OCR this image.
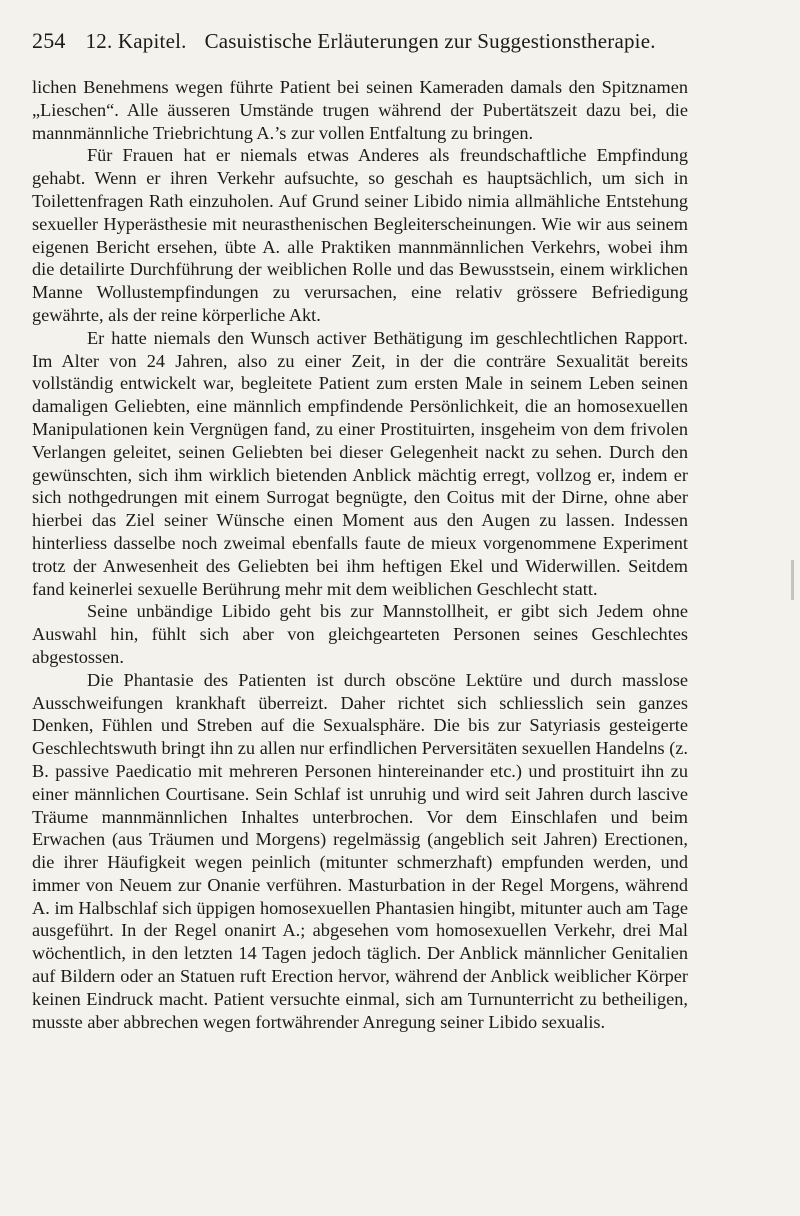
254 12. Kapitel. Casuistische Erläuterungen zur Suggestionstherapie.

lichen Benehmens wegen führte Patient bei seinen Kameraden damals den Spitznamen „Lieschen“. Alle äusseren Umstände trugen während der Pubertätszeit dazu bei, die mannmännliche Triebrichtung A.’s zur vollen Entfaltung zu bringen.

Für Frauen hat er niemals etwas Anderes als freundschaftliche Empfindung gehabt. Wenn er ihren Verkehr aufsuchte, so geschah es hauptsächlich, um sich in Toilettenfragen Rath einzuholen. Auf Grund seiner Libido nimia allmähliche Entstehung sexueller Hyperästhesie mit neurasthenischen Begleiterscheinungen. Wie wir aus seinem eigenen Bericht ersehen, übte A. alle Praktiken mannmännlichen Verkehrs, wobei ihm die detailirte Durchführung der weiblichen Rolle und das Bewusstsein, einem wirklichen Manne Wollustempfindungen zu verursachen, eine relativ grössere Befriedigung gewährte, als der reine körperliche Akt.

Er hatte niemals den Wunsch activer Bethätigung im geschlechtlichen Rapport. Im Alter von 24 Jahren, also zu einer Zeit, in der die conträre Sexualität bereits vollständig entwickelt war, begleitete Patient zum ersten Male in seinem Leben seinen damaligen Geliebten, eine männlich empfindende Persönlichkeit, die an homosexuellen Manipulationen kein Vergnügen fand, zu einer Prostituirten, insgeheim von dem frivolen Verlangen geleitet, seinen Geliebten bei dieser Gelegenheit nackt zu sehen. Durch den gewünschten, sich ihm wirklich bietenden Anblick mächtig erregt, vollzog er, indem er sich nothgedrungen mit einem Surrogat begnügte, den Coitus mit der Dirne, ohne aber hierbei das Ziel seiner Wünsche einen Moment aus den Augen zu lassen. Indessen hinterliess dasselbe noch zweimal ebenfalls faute de mieux vorgenommene Experiment trotz der Anwesenheit des Geliebten bei ihm heftigen Ekel und Widerwillen. Seitdem fand keinerlei sexuelle Berührung mehr mit dem weiblichen Geschlecht statt.

Seine unbändige Libido geht bis zur Mannstollheit, er gibt sich Jedem ohne Auswahl hin, fühlt sich aber von gleichgearteten Personen seines Geschlechtes abgestossen.

Die Phantasie des Patienten ist durch obscöne Lektüre und durch masslose Ausschweifungen krankhaft überreizt. Daher richtet sich schliesslich sein ganzes Denken, Fühlen und Streben auf die Sexualsphäre. Die bis zur Satyriasis gesteigerte Geschlechtswuth bringt ihn zu allen nur erfindlichen Perversitäten sexuellen Handelns (z. B. passive Paedicatio mit mehreren Personen hintereinander etc.) und prostituirt ihn zu einer männlichen Courtisane. Sein Schlaf ist unruhig und wird seit Jahren durch lascive Träume mannmännlichen Inhaltes unterbrochen. Vor dem Einschlafen und beim Erwachen (aus Träumen und Morgens) regelmässig (angeblich seit Jahren) Erectionen, die ihrer Häufigkeit wegen peinlich (mitunter schmerzhaft) empfunden werden, und immer von Neuem zur Onanie verführen. Masturbation in der Regel Morgens, während A. im Halbschlaf sich üppigen homosexuellen Phantasien hingibt, mitunter auch am Tage ausgeführt. In der Regel onanirt A.; abgesehen vom homosexuellen Verkehr, drei Mal wöchentlich, in den letzten 14 Tagen jedoch täglich. Der Anblick männlicher Genitalien auf Bildern oder an Statuen ruft Erection hervor, während der Anblick weiblicher Körper keinen Eindruck macht. Patient versuchte einmal, sich am Turnunterricht zu betheiligen, musste aber abbrechen wegen fortwährender Anregung seiner Libido sexualis.
